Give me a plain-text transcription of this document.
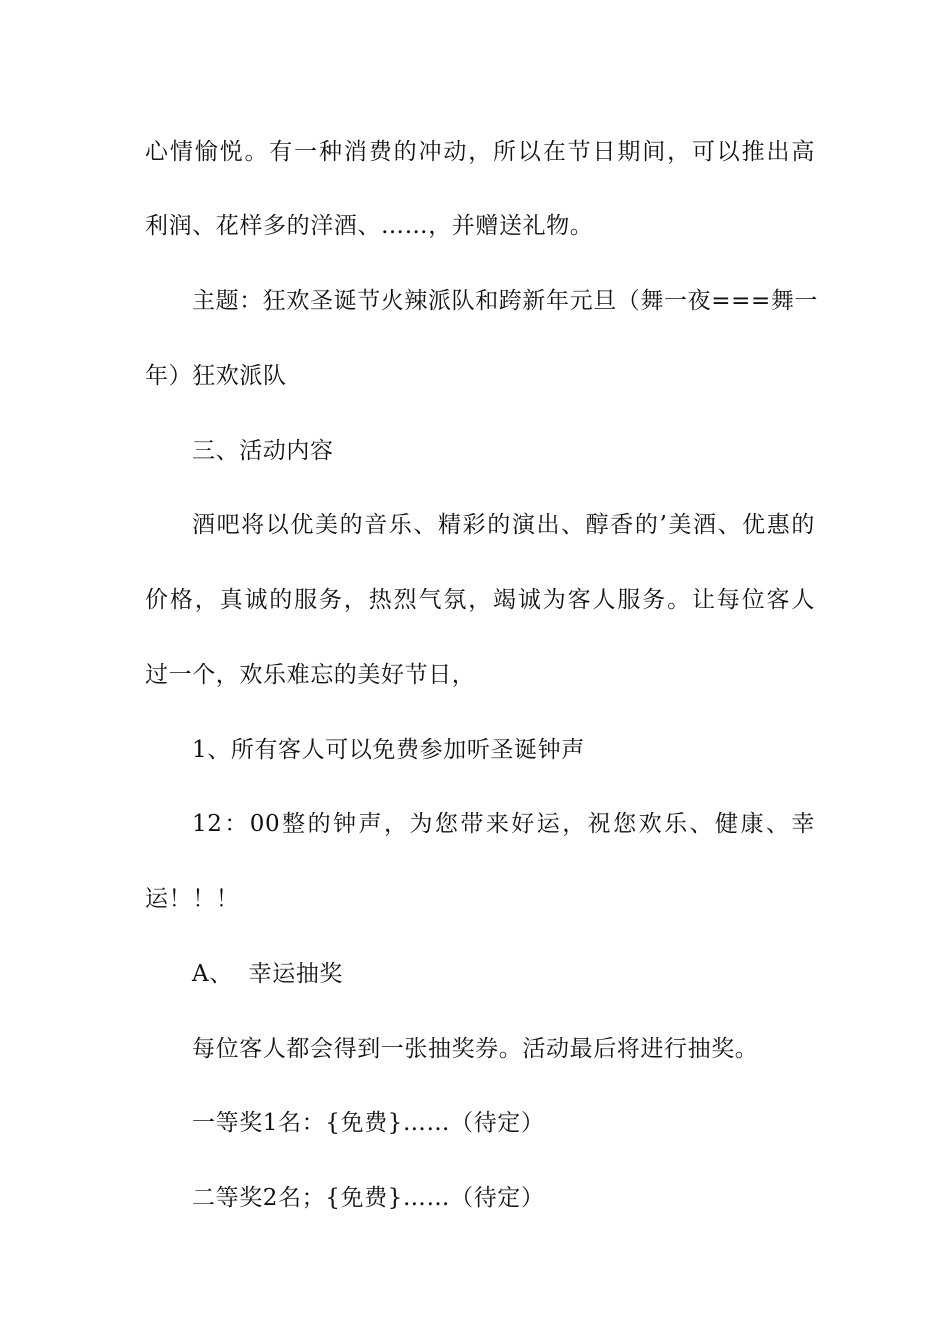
心情愉悦。有一种消费的冲动，所以在节日期间，可以推出高
利润、花样多的洋酒、……，并赠送礼物。
主题：狂欢圣诞节火辣派队和跨新年元旦（舞一夜===舞一
年）狂欢派队
三、活动内容
酒吧将以优美的音乐、精彩的演出、醇香的’美酒、优惠的
价格，真诚的服务，热烈气氛，竭诚为客人服务。让每位客人
过一个，欢乐难忘的美好节日，
1、所有客人可以免费参加听圣诞钟声
12：00整的钟声，为您带来好运，祝您欢乐、健康、幸
运！！！
A、  幸运抽奖
每位客人都会得到一张抽奖券。活动最后将进行抽奖。
一等奖1名：{免费}……（待定）
二等奖2名；{免费}……（待定）
